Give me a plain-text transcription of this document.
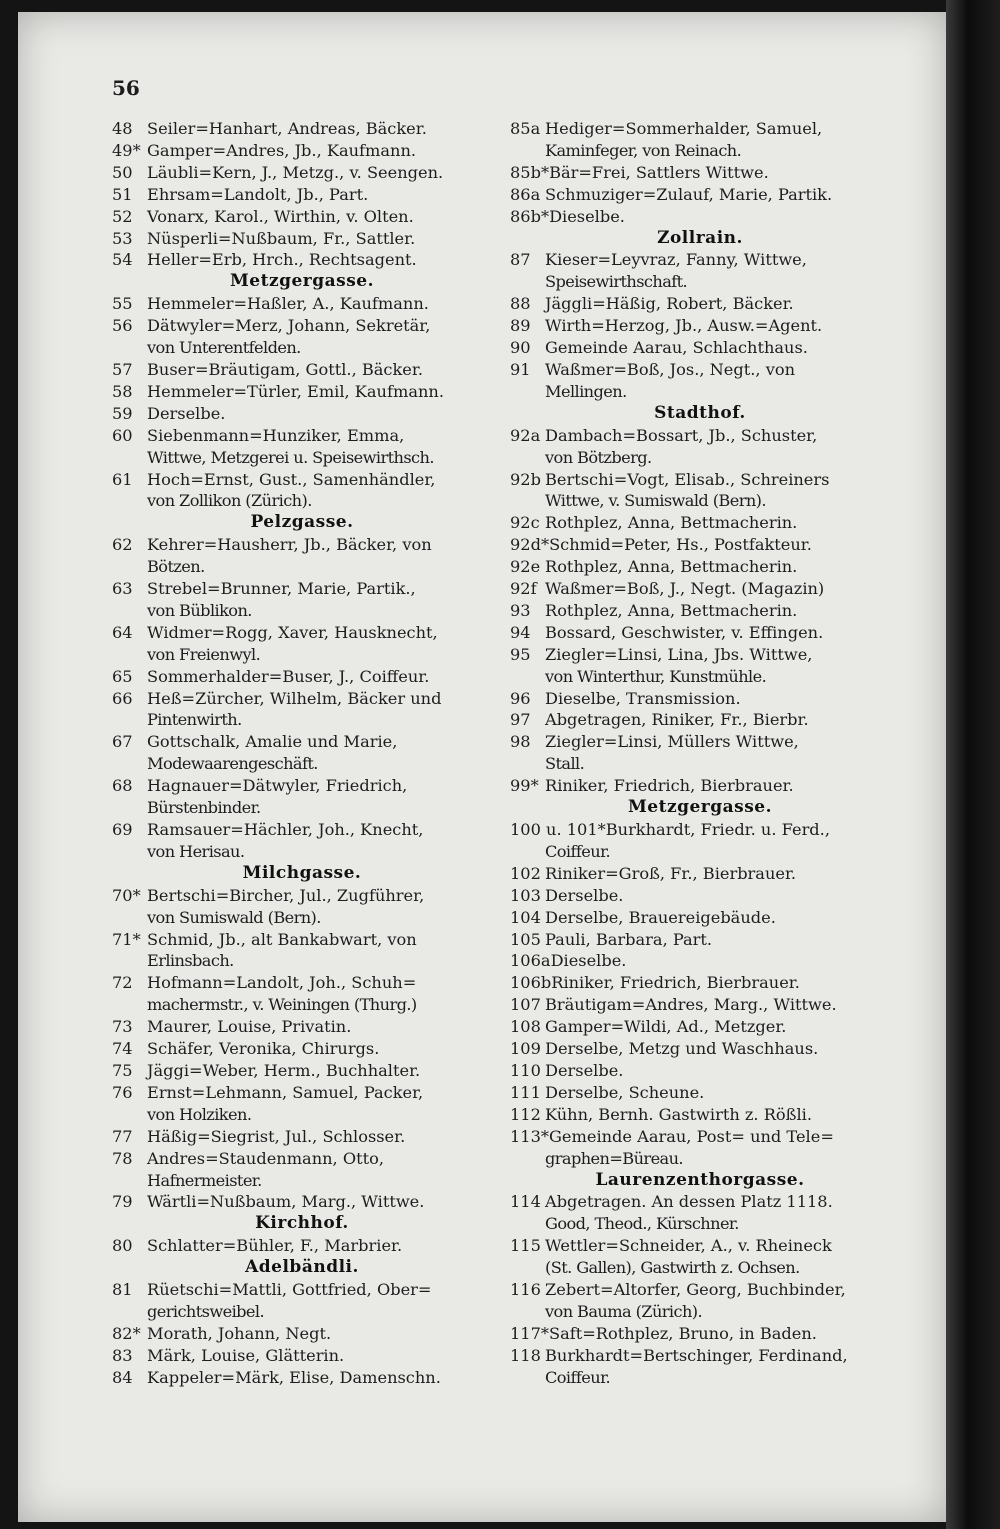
56
48 Seiler=Hanhart, Andreas, Bäcker.
49* Gamper=Andres, Jb., Kaufmann.
50 Läubli=Kern, J., Metzg., v. Seengen.
51 Ehrsam=Landolt, Jb., Part.
52 Vonarx, Karol., Wirthin, v. Olten.
53 Nüsperli=Nußbaum, Fr., Sattler.
54 Heller=Erb, Hrch., Rechtsagent.
Metzgergasse.
55 Hemmeler=Haßler, A., Kaufmann.
56 Dätwyler=Merz, Johann, Sekretär,
von Unterentfelden.
57 Buser=Bräutigam, Gottl., Bäcker.
58 Hemmeler=Türler, Emil, Kaufmann.
59 Derselbe.
60 Siebenmann=Hunziker, Emma,
Wittwe, Metzgerei u. Speisewirthsch.
61 Hoch=Ernst, Gust., Samenhändler,
von Zollikon (Zürich).
Pelzgasse.
62 Kehrer=Hausherr, Jb., Bäcker, von
Bötzen.
63 Strebel=Brunner, Marie, Partik.,
von Büblikon.
64 Widmer=Rogg, Xaver, Hausknecht,
von Freienwyl.
65 Sommerhalder=Buser, J., Coiffeur.
66 Heß=Zürcher, Wilhelm, Bäcker und
Pintenwirth.
67 Gottschalk, Amalie und Marie,
Modewaarengeschäft.
68 Hagnauer=Dätwyler, Friedrich,
Bürstenbinder.
69 Ramsauer=Hächler, Joh., Knecht,
von Herisau.
Milchgasse.
70* Bertschi=Bircher, Jul., Zugführer,
von Sumiswald (Bern).
71* Schmid, Jb., alt Bankabwart, von
Erlinsbach.
72 Hofmann=Landolt, Joh., Schuh=
machermstr., v. Weiningen (Thurg.)
73 Maurer, Louise, Privatin.
74 Schäfer, Veronika, Chirurgs.
75 Jäggi=Weber, Herm., Buchhalter.
76 Ernst=Lehmann, Samuel, Packer,
von Holziken.
77 Häßig=Siegrist, Jul., Schlosser.
78 Andres=Staudenmann, Otto,
Hafnermeister.
79 Wärtli=Nußbaum, Marg., Wittwe.
Kirchhof.
80 Schlatter=Bühler, F., Marbrier.
Adelbändli.
81 Rüetschi=Mattli, Gottfried, Ober=
gerichtsweibel.
82* Morath, Johann, Negt.
83 Märk, Louise, Glätterin.
84 Kappeler=Märk, Elise, Damenschn.
85a Hediger=Sommerhalder, Samuel,
Kaminfeger, von Reinach.
85b* Bär=Frei, Sattlers Wittwe.
86a Schmuziger=Zulauf, Marie, Partik.
86b* Dieselbe.
Zollrain.
87 Kieser=Leyvraz, Fanny, Wittwe,
Speisewirthschaft.
88 Jäggli=Häßig, Robert, Bäcker.
89 Wirth=Herzog, Jb., Ausw.=Agent.
90 Gemeinde Aarau, Schlachthaus.
91 Waßmer=Boß, Jos., Negt., von
Mellingen.
Stadthof.
92a Dambach=Bossart, Jb., Schuster,
von Bötzberg.
92b Bertschi=Vogt, Elisab., Schreiners
Wittwe, v. Sumiswald (Bern).
92c Rothplez, Anna, Bettmacherin.
92d* Schmid=Peter, Hs., Postfakteur.
92e Rothplez, Anna, Bettmacherin.
92f Waßmer=Boß, J., Negt. (Magazin)
93 Rothplez, Anna, Bettmacherin.
94 Bossard, Geschwister, v. Effingen.
95 Ziegler=Linsi, Lina, Jbs. Wittwe,
von Winterthur, Kunstmühle.
96 Dieselbe, Transmission.
97 Abgetragen, Riniker, Fr., Bierbr.
98 Ziegler=Linsi, Müllers Wittwe,
Stall.
99* Riniker, Friedrich, Bierbrauer.
Metzgergasse.
100 u. 101* Burkhardt, Friedr. u. Ferd.,
Coiffeur.
102 Riniker=Groß, Fr., Bierbrauer.
103 Derselbe.
104 Derselbe, Brauereigebäude.
105 Pauli, Barbara, Part.
106a Dieselbe.
106b Riniker, Friedrich, Bierbrauer.
107 Bräutigam=Andres, Marg., Wittwe.
108 Gamper=Wildi, Ad., Metzger.
109 Derselbe, Metzg und Waschhaus.
110 Derselbe.
111 Derselbe, Scheune.
112 Kühn, Bernh. Gastwirth z. Rößli.
113* Gemeinde Aarau, Post= und Tele=
graphen=Büreau.
Laurenzenthorgasse.
114 Abgetragen. An dessen Platz 1118.
Good, Theod., Kürschner.
115 Wettler=Schneider, A., v. Rheineck
(St. Gallen), Gastwirth z. Ochsen.
116 Zebert=Altorfer, Georg, Buchbinder,
von Bauma (Zürich).
117* Saft=Rothplez, Bruno, in Baden.
118 Burkhardt=Bertschinger, Ferdinand,
Coiffeur.
